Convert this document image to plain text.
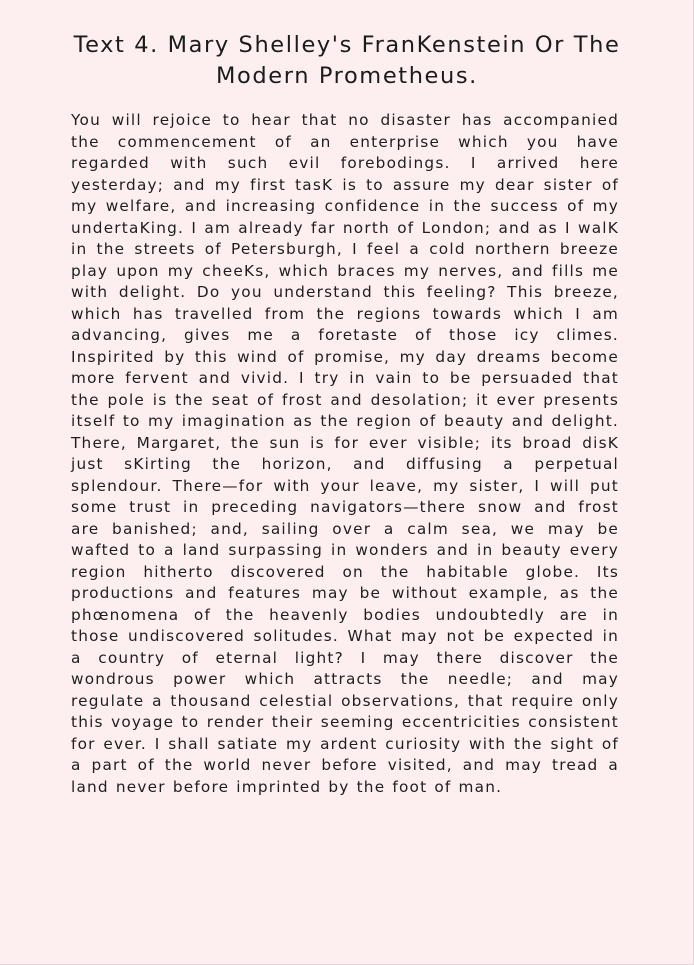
Text 4. Mary Shelley's FranKenstein Or The Modern Prometheus.

You will rejoice to hear that no disaster has accompanied the commencement of an enterprise which you have regarded with such evil forebodings. I arrived here yesterday; and my first tasK is to assure my dear sister of my welfare, and increasing confidence in the success of my undertaKing. I am already far north of London; and as I walK in the streets of Petersburgh, I feel a cold northern breeze play upon my cheeKs, which braces my nerves, and fills me with delight. Do you understand this feeling? This breeze, which has travelled from the regions towards which I am advancing, gives me a foretaste of those icy climes. Inspirited by this wind of promise, my day dreams become more fervent and vivid. I try in vain to be persuaded that the pole is the seat of frost and desolation; it ever presents itself to my imagination as the region of beauty and delight. There, Margaret, the sun is for ever visible; its broad disK just sKirting the horizon, and diffusing a perpetual splendour. There—for with your leave, my sister, I will put some trust in preceding navigators—there snow and frost are banished; and, sailing over a calm sea, we may be wafted to a land surpassing in wonders and in beauty every region hitherto discovered on the habitable globe. Its productions and features may be without example, as the phœnomena of the heavenly bodies undoubtedly are in those undiscovered solitudes. What may not be expected in a country of eternal light? I may there discover the wondrous power which attracts the needle; and may regulate a thousand celestial observations, that require only this voyage to render their seeming eccentricities consistent for ever. I shall satiate my ardent curiosity with the sight of a part of the world never before visited, and may tread a land never before imprinted by the foot of man.
